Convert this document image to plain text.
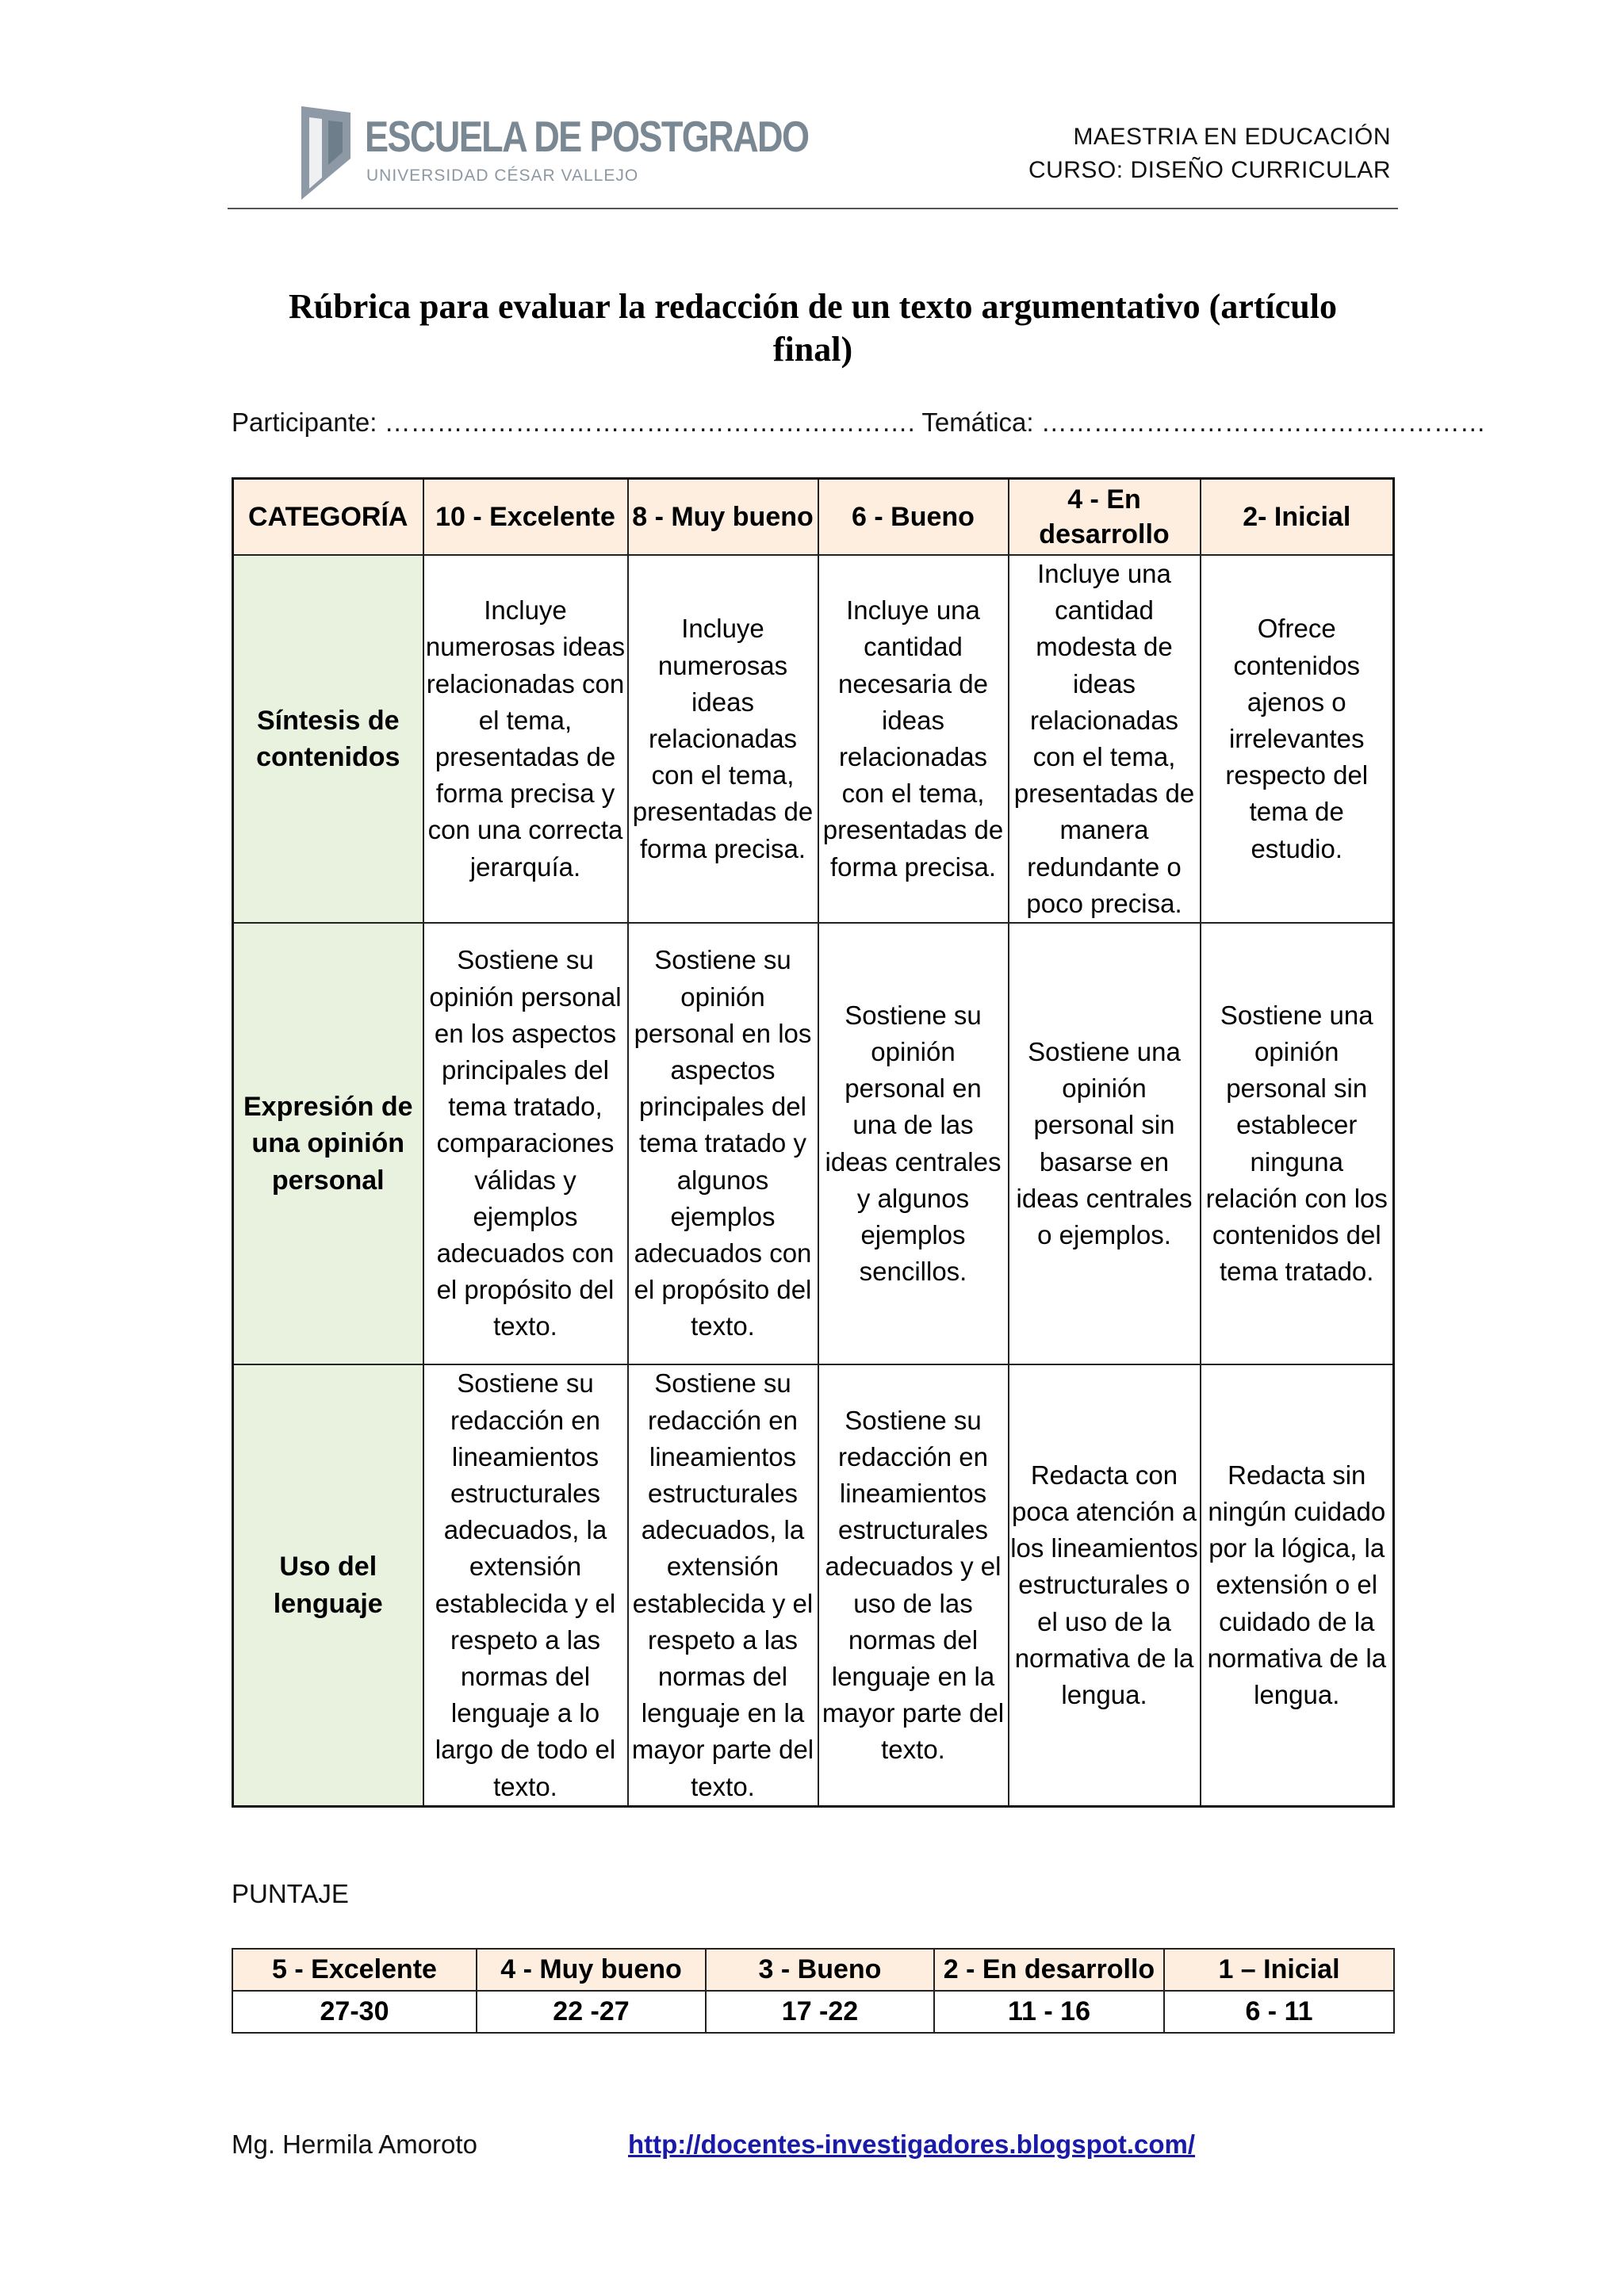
ESCUELA DE POSTGRADO
UNIVERSIDAD CÉSAR VALLEJO
MAESTRIA EN EDUCACIÓN
CURSO: DISEÑO CURRICULAR
Rúbrica para evaluar la redacción de un texto argumentativo (artículo
final)
Participante: ……………………………………………………. Temática: ……………………………………………
CATEGORÍA	10 - Excelente	8 - Muy bueno	6 - Bueno	4 - En desarrollo	2- Inicial
Síntesis de contenidos	Incluye numerosas ideas relacionadas con el tema, presentadas de forma precisa y con una correcta jerarquía.	Incluye numerosas ideas relacionadas con el tema, presentadas de forma precisa.	Incluye una cantidad necesaria de ideas relacionadas con el tema, presentadas de forma precisa.	Incluye una cantidad modesta de ideas relacionadas con el tema, presentadas de manera redundante o poco precisa.	Ofrece contenidos ajenos o irrelevantes respecto del tema de estudio.
Expresión de una opinión personal	Sostiene su opinión personal en los aspectos principales del tema tratado, comparaciones válidas y ejemplos adecuados con el propósito del texto.	Sostiene su opinión personal en los aspectos principales del tema tratado y algunos ejemplos adecuados con el propósito del texto.	Sostiene su opinión personal en una de las ideas centrales y algunos ejemplos sencillos.	Sostiene una opinión personal sin basarse en ideas centrales o ejemplos.	Sostiene una opinión personal sin establecer ninguna relación con los contenidos del tema tratado.
Uso del lenguaje	Sostiene su redacción en lineamientos estructurales adecuados, la extensión establecida y el respeto a las normas del lenguaje a lo largo de todo el texto.	Sostiene su redacción en lineamientos estructurales adecuados, la extensión establecida y el respeto a las normas del lenguaje en la mayor parte del texto.	Sostiene su redacción en lineamientos estructurales adecuados y el uso de las normas del lenguaje en la mayor parte del texto.	Redacta con poca atención a los lineamientos estructurales o el uso de la normativa de la lengua.	Redacta sin ningún cuidado por la lógica, la extensión o el cuidado de la normativa de la lengua.
PUNTAJE
5 - Excelente	4 - Muy bueno	3 - Bueno	2 - En desarrollo	1 – Inicial
27-30	22 -27	17 -22	11 - 16	6 - 11
Mg. Hermila Amoroto	http://docentes-investigadores.blogspot.com/
